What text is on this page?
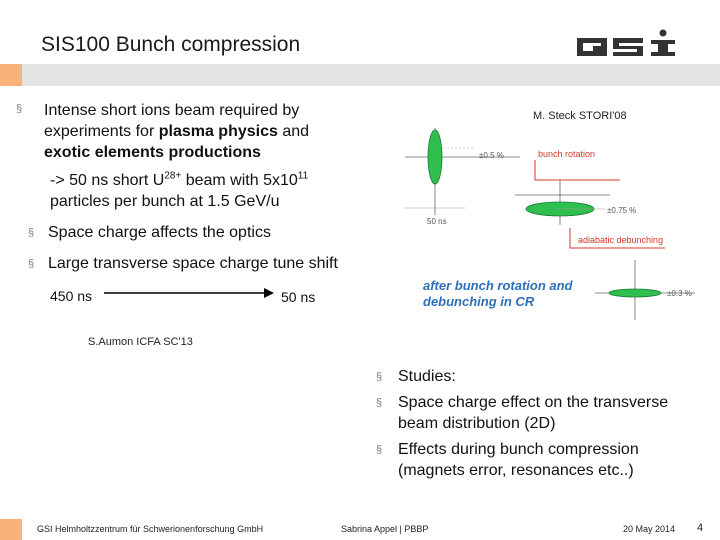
SIS100 Bunch compression
§ Intense short ions beam required by
experiments for plasma physics and
exotic elements productions
-> 50 ns short $U^{28+}$ beam with $5x10^{11}$
particles per bunch at 1.5 GeV/u
§ Space charge affects the optics
§ Large transverse space charge tune shift
450 ns	50 ns
S.Aumon ICFA SC'13
M. Steck STORI'08
±0.5 %	bunch rotation
50 ns
±0.75 %
adiabatic debunching
±0.3 %
after bunch rotation and
debunching in CR
§ Studies:
§ Space charge effect on the transverse
beam distribution (2D)
§ Effects during bunch compression
(magnets error, resonances etc..)
GSI Helmholtzzentrum für Schwerionenforschung GmbH	Sabrina Appel | PBBP	20 May 2014 4
